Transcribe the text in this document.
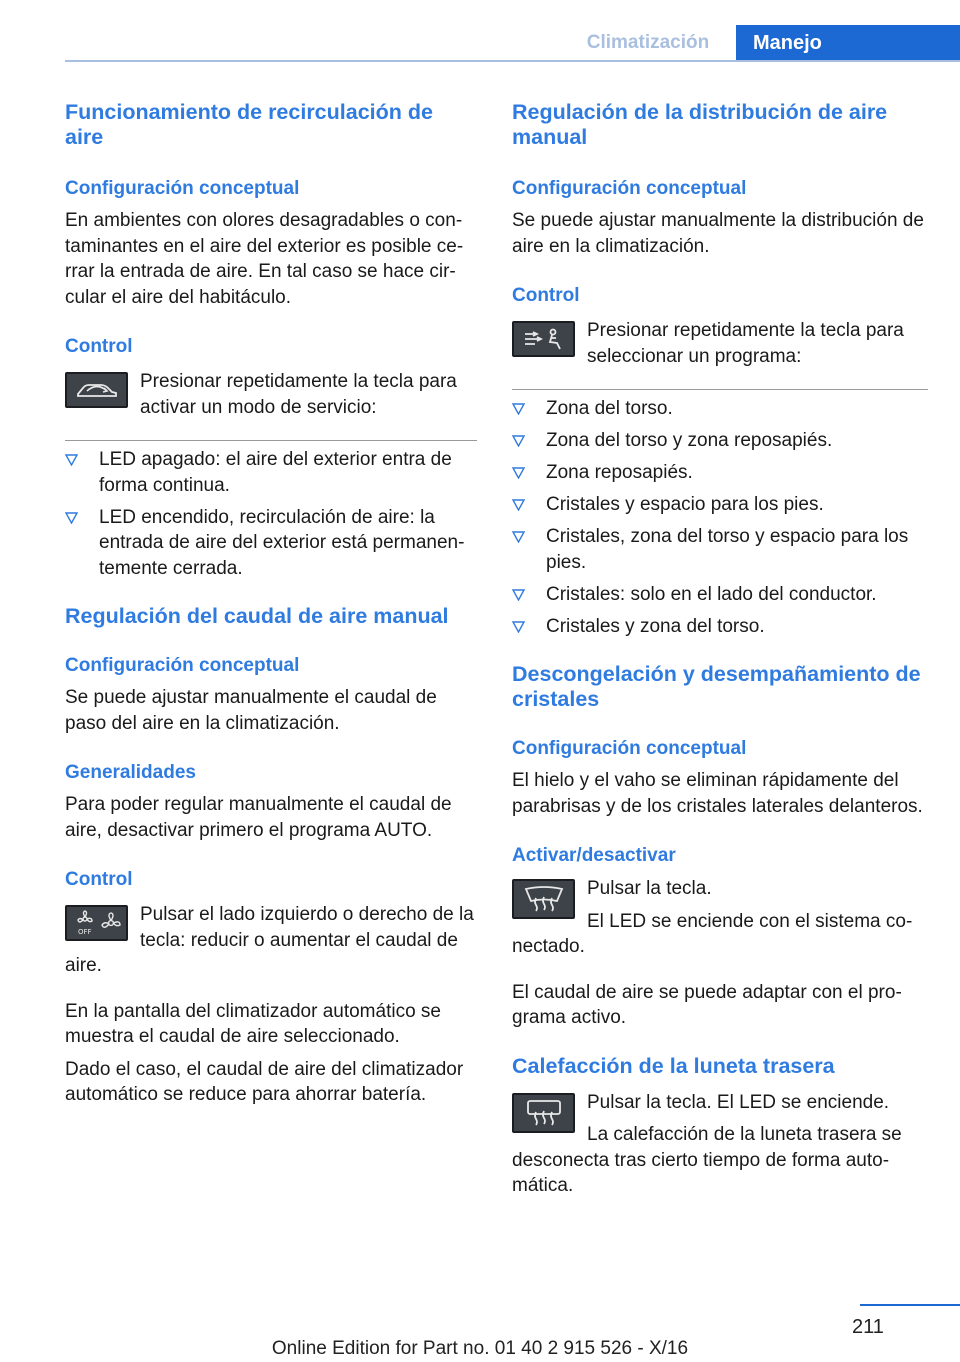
Climatización	Manejo
Funcionamiento de recirculación de aire
Configuración conceptual

En ambientes con olores desagradables o contaminantes en el aire del exterior es posible cerrar la entrada de aire. En tal caso se hace circular el aire del habitáculo.

Control

Presionar repetidamente la tecla para activar un modo de servicio:

LED apagado: el aire del exterior entra de forma continua.
LED encendido, recirculación de aire: la entrada de aire del exterior está permanentemente cerrada.
Regulación del caudal de aire manual
Configuración conceptual

Se puede ajustar manualmente el caudal de paso del aire en la climatización.

Generalidades

Para poder regular manualmente el caudal de aire, desactivar primero el programa AUTO.

Control
OFF

Pulsar el lado izquierdo o derecho de la tecla: reducir o aumentar el caudal de aire.

En la pantalla del climatizador automático se muestra el caudal de aire seleccionado.

Dado el caso, el caudal de aire del climatizador automático se reduce para ahorrar batería.

Regulación de la distribución de aire manual
Configuración conceptual

Se puede ajustar manualmente la distribución de aire en la climatización.

Control

Presionar repetidamente la tecla para seleccionar un programa:

Zona del torso.
Zona del torso y zona reposapiés.
Zona reposapiés.
Cristales y espacio para los pies.
Cristales, zona del torso y espacio para los pies.
Cristales: solo en el lado del conductor.
Cristales y zona del torso.
Descongelación y desempañamiento de cristales
Configuración conceptual

El hielo y el vaho se eliminan rápidamente del parabrisas y de los cristales laterales delanteros.

Activar/desactivar

Pulsar la tecla.

El LED se enciende con el sistema conectado.

El caudal de aire se puede adaptar con el programa activo.

Calefacción de la luneta trasera

Pulsar la tecla. El LED se enciende.

La calefacción de la luneta trasera se desconecta tras cierto tiempo de forma automática.

211
Online Edition for Part no. 01 40 2 915 526 - X/16
